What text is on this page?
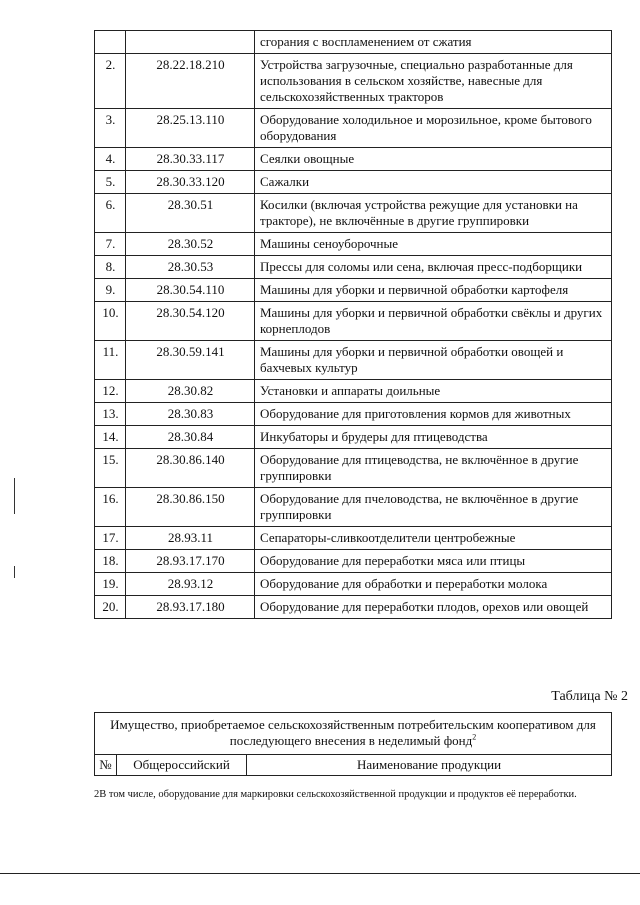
		сгорания с воспламенением от сжатия
2.	28.22.18.210	Устройства загрузочные, специально разработанные для использования в сельском хозяйстве, навесные для сельскохозяйственных тракторов
3.	28.25.13.110	Оборудование холодильное и морозильное, кроме бытового оборудования
4.	28.30.33.117	Сеялки овощные
5.	28.30.33.120	Сажалки
6.	28.30.51	Косилки (включая устройства режущие для установки на тракторе), не включённые в другие группировки
7.	28.30.52	Машины сеноуборочные
8.	28.30.53	Прессы для соломы или сена, включая пресс-подборщики
9.	28.30.54.110	Машины для уборки и первичной обработки картофеля
10.	28.30.54.120	Машины для уборки и первичной обработки свёклы и других корнеплодов
11.	28.30.59.141	Машины для уборки и первичной обработки овощей и бахчевых культур
12.	28.30.82	Установки и аппараты доильные
13.	28.30.83	Оборудование для приготовления кормов для животных
14.	28.30.84	Инкубаторы и брудеры для птицеводства
15.	28.30.86.140	Оборудование для птицеводства, не включённое в другие группировки
16.	28.30.86.150	Оборудование для пчеловодства, не включённое в другие группировки
17.	28.93.11	Сепараторы-сливкоотделители центробежные
18.	28.93.17.170	Оборудование для переработки мяса или птицы
19.	28.93.12	Оборудование для обработки и переработки молока
20.	28.93.17.180	Оборудование для переработки плодов, орехов или овощей
Таблица № 2
Имущество, приобретаемое сельскохозяйственным потребительским кооперативом для последующего внесения в неделимый фонд$^2$
№	Общероссийский	Наименование продукции
2В том числе, оборудование для маркировки сельскохозяйственной продукции и продуктов её переработки.
